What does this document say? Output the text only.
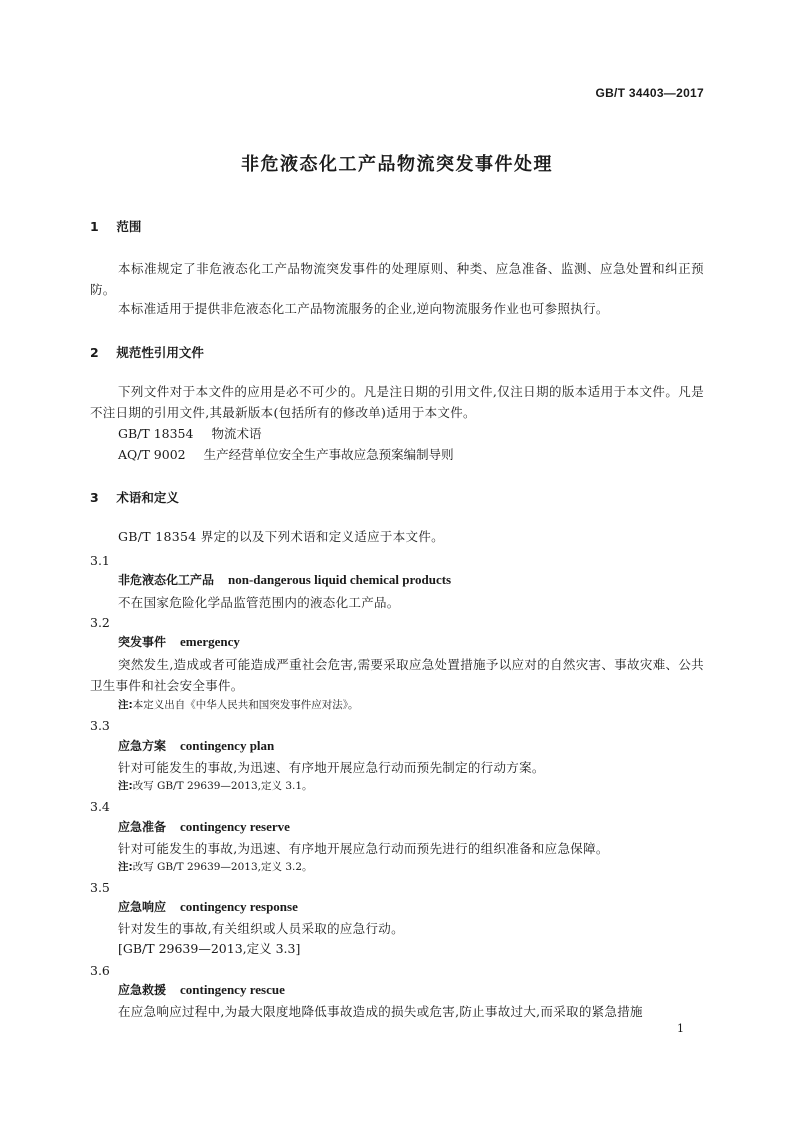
GB/T 34403—2017
非危液态化工产品物流突发事件处理
1 范围
本标准规定了非危液态化工产品物流突发事件的处理原则、种类、应急准备、监测、应急处置和纠正预防。
本标准适用于提供非危液态化工产品物流服务的企业,逆向物流服务作业也可参照执行。
2 规范性引用文件
下列文件对于本文件的应用是必不可少的。凡是注日期的引用文件,仅注日期的版本适用于本文件。凡是不注日期的引用文件,其最新版本(包括所有的修改单)适用于本文件。
GB/T 18354 物流术语
AQ/T 9002 生产经营单位安全生产事故应急预案编制导则
3 术语和定义
GB/T 18354 界定的以及下列术语和定义适应于本文件。
3.1
非危液态化工产品 non-dangerous liquid chemical products
不在国家危险化学品监管范围内的液态化工产品。
3.2
突发事件 emergency
突然发生,造成或者可能造成严重社会危害,需要采取应急处置措施予以应对的自然灾害、事故灾难、公共卫生事件和社会安全事件。
注:本定义出自《中华人民共和国突发事件应对法》。
3.3
应急方案 contingency plan
针对可能发生的事故,为迅速、有序地开展应急行动而预先制定的行动方案。
注:改写 GB/T 29639—2013,定义 3.1。
3.4
应急准备 contingency reserve
针对可能发生的事故,为迅速、有序地开展应急行动而预先进行的组织准备和应急保障。
注:改写 GB/T 29639—2013,定义 3.2。
3.5
应急响应 contingency response
针对发生的事故,有关组织或人员采取的应急行动。
[GB/T 29639—2013,定义 3.3]
3.6
应急救援 contingency rescue
在应急响应过程中,为最大限度地降低事故造成的损失或危害,防止事故过大,而采取的紧急措施
1
